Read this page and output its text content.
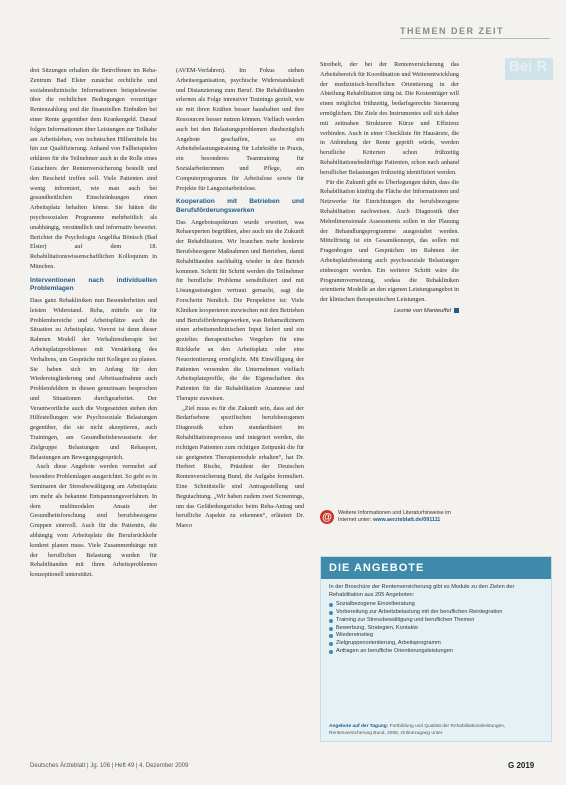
THEMEN DER ZEIT
Bei R

drei Sitzungen erhalten die Betroffenen im Reha-Zentrum Bad Elster zunächst rechtliche und sozialmedizinische Informationen beispielsweise über die rechtlichen Bedingungen vorzeitiger Rentenzahlung und die finanziellen Einbußen bei einer Rente gegenüber dem Krankengeld. Darauf folgen Informationen über Leistungen zur Teilhabe am Arbeitsleben, von technischen Hilfsmitteln bis hin zur Qualifizierung. Anhand von Fallbeispielen erklären für die Teilnehmer auch in die Rolle eines Gutachters der Rentenversicherung bestellt und den Bescheid treffen soll. Viele Patienten sind wenig informiert, wie man auch bei gesundheitlichen Einschränkungen einen Arbeitsplatz behalten könne. Sie hätten die psychosozialen Programme mehrheitlich als unabhängig, verständlich und informativ bewertet. Berichtet die Psychologin Angelika Bönisch (Bad Elster) auf dem 18. Rehabilitationswissenschaftlichen Kolloquium in München.

Interventionen nach individuellen Problemlagen

Dass ganz Rehakliniken nun Besonderheiten und leisten Widerstand. Reha, mitteln sie für Problembereiche und Arbeitsplätze auch die Situation zu Arbeitsplatz. Vorerst ist denn dieser Rahmen Modell der Verhaltenstherapie bei Arbeitsplatzproblemen mit Verstärkung des Verhaltens, um Gespräche mit Kollegen zu planen. Sie haben sich im Anfang für den Wiedereingliederung und Arbeitsaufnahme auch Problemfeldern in diesen gemeinsam besprochen und Situationen durchgearbeitet. Der Verantwortliche auch die Vorgesetzten stehen den Hilfestellungen wie Psychosoziale Belastungen gegenüber, die sie nicht akzeptieren, auch Trainingen, am Gesundheitsbewusstsein der Zielgruppe Belastungen und Rehasport, Belastungen am Bewegungsgespräch.

Auch diese Angebote werden vermehrt auf besonders Problemlagen ausgerichtet. So geht es in Seminaren der Stressbewältigung am Arbeitsplatz um mehr als bekannte Entspannungsverfahren. In dem multimodalen Ansatz der Gesundheitsforschung sind berufsbezogene Gruppen sinnvoll. Auch für die Patientin, die abhängig vom Arbeitsplatz die Berufsrückkehr konkret planen muss. Viele Zusammenhänge mit der beruflichen Belastung wurden für Rehabilitanden mit ihren Arbeitsproblemen konzeptionell unterstützt.

(AVEM-Verfahren). Im Fokus stehen Arbeitsorganisation, psychische Widerstandskraft und Distanzierung zum Beruf. Die Rehabilitanden erlernen als Folge intensiver Trainings gezielt, wie sie mit ihren Kräften besser haushalten und ihre Ressourcen besser nutzen können. Vielfach werden auch bei den Belastungsproblemen diesbezüglich Angebote geschaffen, so ein Arbeitsbelastungstraining für Lehrkräfte in Praxis, ein besonderes Teamtraining für Sozialarbeiterinnen und Pflege, ein Computerprogramm für Arbeitslose sowie für Projekte für Langzeitarbeitslose.

Kooperation mit Betrieben und Berufsförderungswerken

Das Angebotsspektrum wurde erweitert, was Rehaexperten begrüßten, aber auch nie die Zukunft der Rehabilitation. Wir brauchen mehr konkrete Berufsbezogene Maßnahmen und Betrieben, damit Rehabilitanden nachhaltig wieder in den Betrieb kommen. Schritt für Schritt werden die Teilnehmer für berufliche Probleme sensibilisiert und mit Lösungsstrategien vertraut gemacht, sagt die Forscherin Nendich. Die Perspektive ist: Viele Kliniken kooperieren inzwischen mit den Betrieben und Berufsförderungswerken, was Rehamedizinern einen arbeitsmedizinischen Input liefert und ein gezieltes therapeutisches Vorgehen für eine Rückkehr an den Arbeitsplatz oder eine Neuorientierung ermöglicht. Mit Einwilligung der Patienten versenden die Unternehmen vielfach Arbeitsplatzprofile, die die Eigenschaften des Patienten für die Rehabilitation Anamnese und Therapie zuweisen.

„Ziel muss es für die Zukunft sein, dass auf der Bedarfsebene spezifischen berufsbezogenen Diagnostik schon standardisiert im Rehabilitationsprozess und integriert werden, die richtigen Patienten zum richtigen Zeitpunkt die für sie geeigneten Therapiemodule erhalten“, hat Dr. Herbert Rische, Präsident der Deutschen Rentenversicherung Bund, die Aufgabe formuliert. Eine Schnittstelle sind Antragsstellung und Begutachtung. „Wir haben zudem zwei Screenings, um das Gefährdungsrisiko beim Reha-Antrag und berufliche Aspekte zu erkennen“, erläutert Dr. Marco

Streibelt, der bei der Rentenversicherung das Arbeitsbereich für Koordination und Weiterentwicklung der medizinisch-beruflichen Orientierung in der Abteilung Rehabilitation tätig ist. Die Kostenträger will einen möglichst frühzeitig, bedarfsgerechte Steuerung ermöglichen. Die Ziele des Instrumentes soll sich daher mit zeitnahen Strukturen Kürze und Effizienz verbinden. Auch in einer Checkliste für Hausärzte, die in Anbindung der Rente geprüft würde, werden berufliche Kriterien schon frühzeitig Rehabilitationsbedürftige Patienten, schon nach anhand beruflicher Belastungen frühzeitig identifiziert werden.

Für die Zukunft gibt es Überlegungen dahin, dass die Rehabilitation künftig die Fläche der Informationen und Netzwerke für Einrichtungen die berufsbezogene Rehabilitation nachweisen. Auch Diagnostik über Mehrdimensionale Assessments sollen in der Planung der Behandlungsprogramme ausgestaltet werden. Mittelfristig ist ein Gesamtkonzept, das sollen mit Fragenbogen und Gesprächen im Rahmen der Arbeitsplatzberatung auch psychosoziale Belastungen einbezogen werden. Ein weiterer Schritt wäre die Programmvernetzung, sodass die Rehakliniken orientierte Modelle an den eigenen Leistungsangebot in der klinischen therapeutischen Leistungen.

Leonie von Manteuffel
@	Weitere Informationen und Literaturhinweise im Internet unter: www.aerzteblatt.de/091111
DIE ANGEBOTE
In der Broschüre der Rentenversicherung gibt es Module zu den Zielen der Rehabilitation aus 205 Angeboten:
Sozialbezogene Einzelberatung
Vorbereitung zur Arbeitsbelastung mit der beruflichen Reintegration
Training zur Stressbewältigung und beruflichen Themen
Bewerbung, Strategien, Kontakte
Wiedereinstieg
Zielgruppenorientierung, Arbeitsprogramm
Anfragen an berufliche Orientierungsleistungen
Angebote auf der Tagung: Fortbildung und Qualität der Rehabilitationsleistungen, Rentenversicherung Bund, 2008, Onlinezugang unter
Deutsches Ärzteblatt | Jg. 106 | Heft 49 | 4. Dezember 2009	G 2019
